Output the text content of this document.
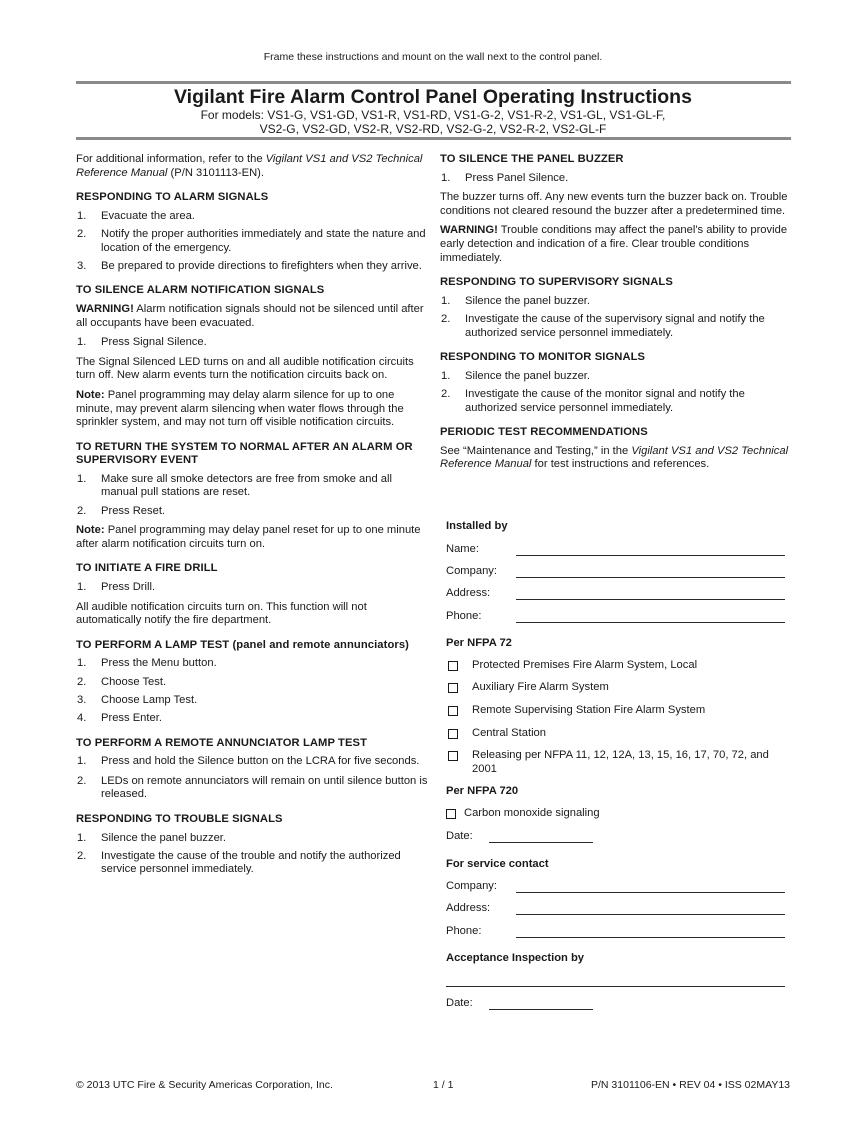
Frame these instructions and mount on the wall next to the control panel.
Vigilant Fire Alarm Control Panel Operating Instructions
For models: VS1-G, VS1-GD, VS1-R, VS1-RD, VS1-G-2, VS1-R-2, VS1-GL, VS1-GL-F,
VS2-G, VS2-GD, VS2-R, VS2-RD, VS2-G-2, VS2-R-2, VS2-GL-F

For additional information, refer to the Vigilant VS1 and VS2 Technical Reference Manual (P/N 3101113-EN).

RESPONDING TO ALARM SIGNALS
1. Evacuate the area.
2. Notify the proper authorities immediately and state the nature and location of the emergency.
3. Be prepared to provide directions to firefighters when they arrive.
TO SILENCE ALARM NOTIFICATION SIGNALS

WARNING! Alarm notification signals should not be silenced until after all occupants have been evacuated.

1. Press Signal Silence.

The Signal Silenced LED turns on and all audible notification circuits turn off. New alarm events turn the notification circuits back on.

Note: Panel programming may delay alarm silence for up to one minute, may prevent alarm silencing when water flows through the sprinkler system, and may not turn off visible notification circuits.

TO RETURN THE SYSTEM TO NORMAL AFTER AN ALARM OR SUPERVISORY EVENT
1. Make sure all smoke detectors are free from smoke and all manual pull stations are reset.
2. Press Reset.

Note: Panel programming may delay panel reset for up to one minute after alarm notification circuits turn on.

TO INITIATE A FIRE DRILL
1. Press Drill.

All audible notification circuits turn on. This function will not automatically notify the fire department.

TO PERFORM A LAMP TEST (panel and remote annunciators)
1. Press the Menu button.
2. Choose Test.
3. Choose Lamp Test.
4. Press Enter.
TO PERFORM A REMOTE ANNUNCIATOR LAMP TEST
1. Press and hold the Silence button on the LCRA for five seconds.
2. LEDs on remote annunciators will remain on until silence button is released.
RESPONDING TO TROUBLE SIGNALS
1. Silence the panel buzzer.
2. Investigate the cause of the trouble and notify the authorized service personnel immediately.
TO SILENCE THE PANEL BUZZER
1. Press Panel Silence.

The buzzer turns off. Any new events turn the buzzer back on. Trouble conditions not cleared resound the buzzer after a predetermined time.

WARNING! Trouble conditions may affect the panel's ability to provide early detection and indication of a fire. Clear trouble conditions immediately.

RESPONDING TO SUPERVISORY SIGNALS
1. Silence the panel buzzer.
2. Investigate the cause of the supervisory signal and notify the authorized service personnel immediately.
RESPONDING TO MONITOR SIGNALS
1. Silence the panel buzzer.
2. Investigate the cause of the monitor signal and notify the authorized service personnel immediately.
PERIODIC TEST RECOMMENDATIONS

See “Maintenance and Testing,” in the Vigilant VS1 and VS2 Technical Reference Manual for test instructions and references.

Installed by
Name:
Company:
Address:
Phone:
Per NFPA 72
Protected Premises Fire Alarm System, Local
Auxiliary Fire Alarm System
Remote Supervising Station Fire Alarm System
Central Station
Releasing per NFPA 11, 12, 12A, 13, 15, 16, 17, 70, 72, and 2001
Per NFPA 720
Carbon monoxide signaling
Date:
For service contact
Company:
Address:
Phone:
Acceptance Inspection by
Date:
© 2013 UTC Fire & Security Americas Corporation, Inc.	1 / 1	P/N 3101106-EN • REV 04 • ISS 02MAY13
